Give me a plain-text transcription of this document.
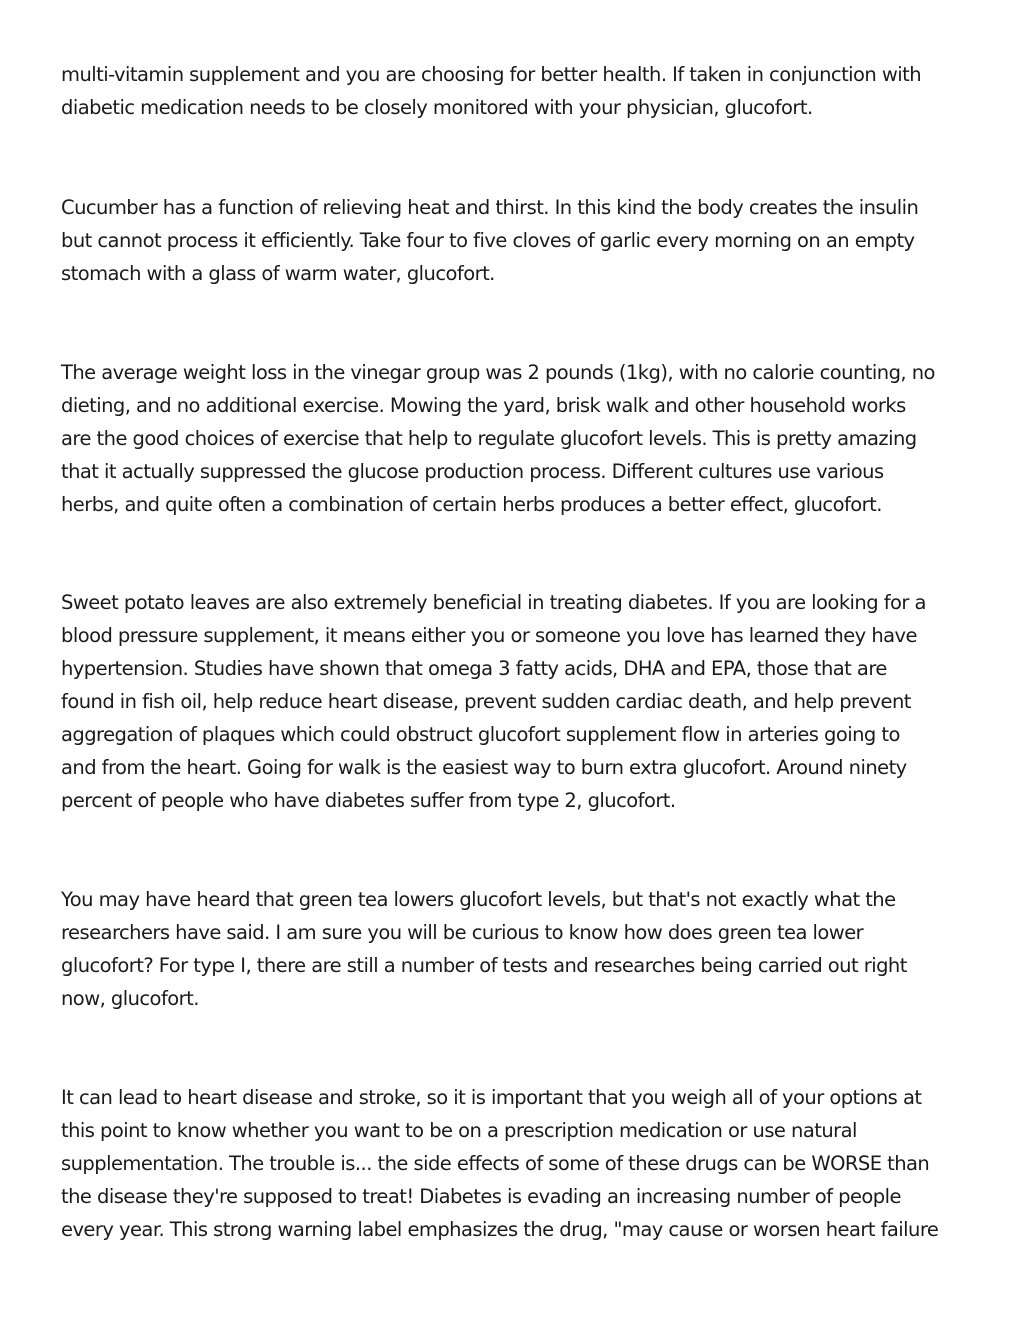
multi-vitamin supplement and you are choosing for better health. If taken in conjunction with
diabetic medication needs to be closely monitored with your physician, glucofort.

Cucumber has a function of relieving heat and thirst. In this kind the body creates the insulin
but cannot process it efficiently. Take four to five cloves of garlic every morning on an empty
stomach with a glass of warm water, glucofort.

The average weight loss in the vinegar group was 2 pounds (1kg), with no calorie counting, no
dieting, and no additional exercise. Mowing the yard, brisk walk and other household works
are the good choices of exercise that help to regulate glucofort levels. This is pretty amazing
that it actually suppressed the glucose production process. Different cultures use various
herbs, and quite often a combination of certain herbs produces a better effect, glucofort.

Sweet potato leaves are also extremely beneficial in treating diabetes. If you are looking for a
blood pressure supplement, it means either you or someone you love has learned they have
hypertension. Studies have shown that omega 3 fatty acids, DHA and EPA, those that are
found in fish oil, help reduce heart disease, prevent sudden cardiac death, and help prevent
aggregation of plaques which could obstruct glucofort supplement flow in arteries going to
and from the heart. Going for walk is the easiest way to burn extra glucofort. Around ninety
percent of people who have diabetes suffer from type 2, glucofort.

You may have heard that green tea lowers glucofort levels, but that's not exactly what the
researchers have said. I am sure you will be curious to know how does green tea lower
glucofort? For type I, there are still a number of tests and researches being carried out right
now, glucofort.

It can lead to heart disease and stroke, so it is important that you weigh all of your options at
this point to know whether you want to be on a prescription medication or use natural
supplementation. The trouble is... the side effects of some of these drugs can be WORSE than
the disease they're supposed to treat! Diabetes is evading an increasing number of people
every year. This strong warning label emphasizes the drug, "may cause or worsen heart failure
